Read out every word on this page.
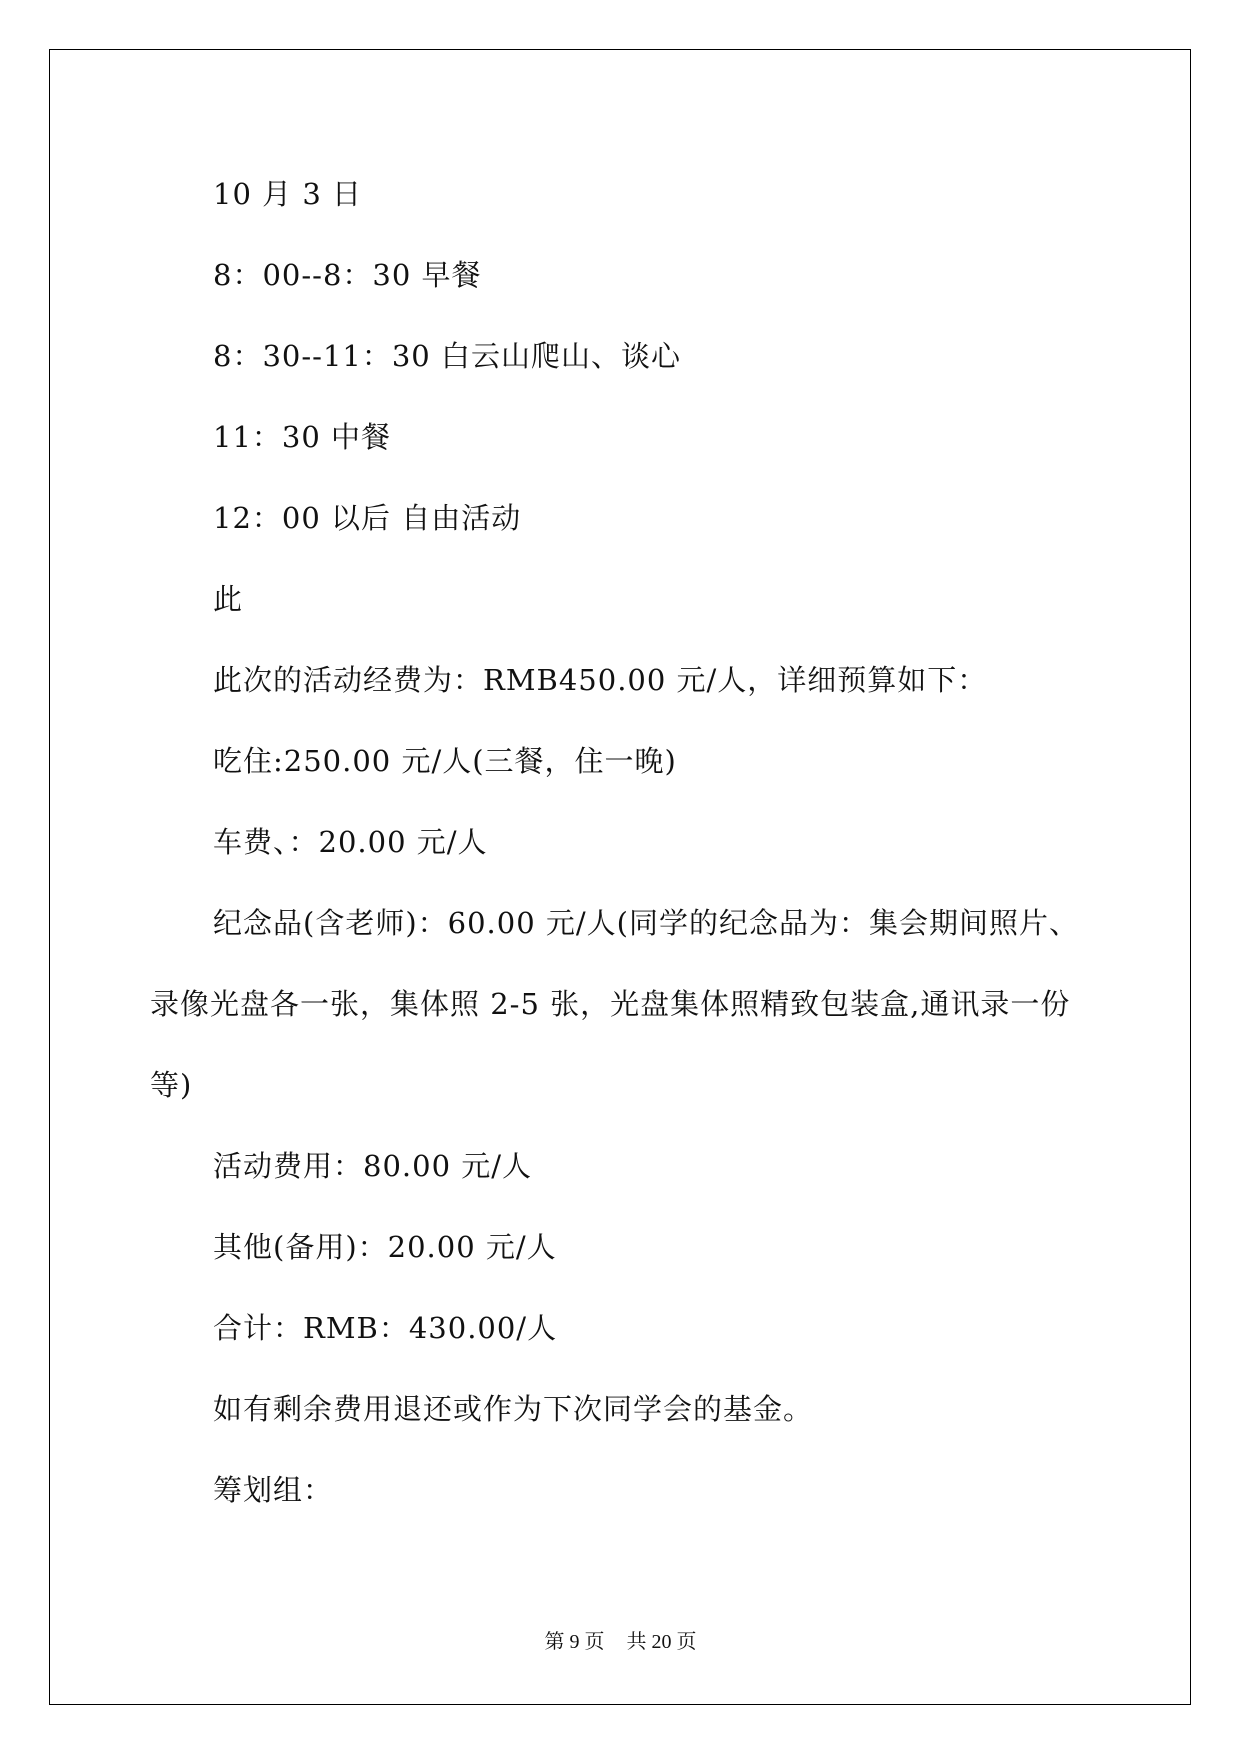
10 月 3 日
8：00--8：30 早餐
8：30--11：30 白云山爬山、谈心
11：30 中餐
12：00 以后 自由活动
此
此次的活动经费为：RMB450.00 元/人，详细预算如下：
吃住:250.00 元/人(三餐，住一晚)
车费、：20.00 元/人
纪念品(含老师)：60.00 元/人(同学的纪念品为：集会期间照片、
录像光盘各一张，集体照 2-5 张，光盘集体照精致包装盒,通讯录一份
等)
活动费用：80.00 元/人
其他(备用)：20.00 元/人
合计：RMB：430.00/人
如有剩余费用退还或作为下次同学会的基金。
筹划组：
第 9 页 共 20 页
